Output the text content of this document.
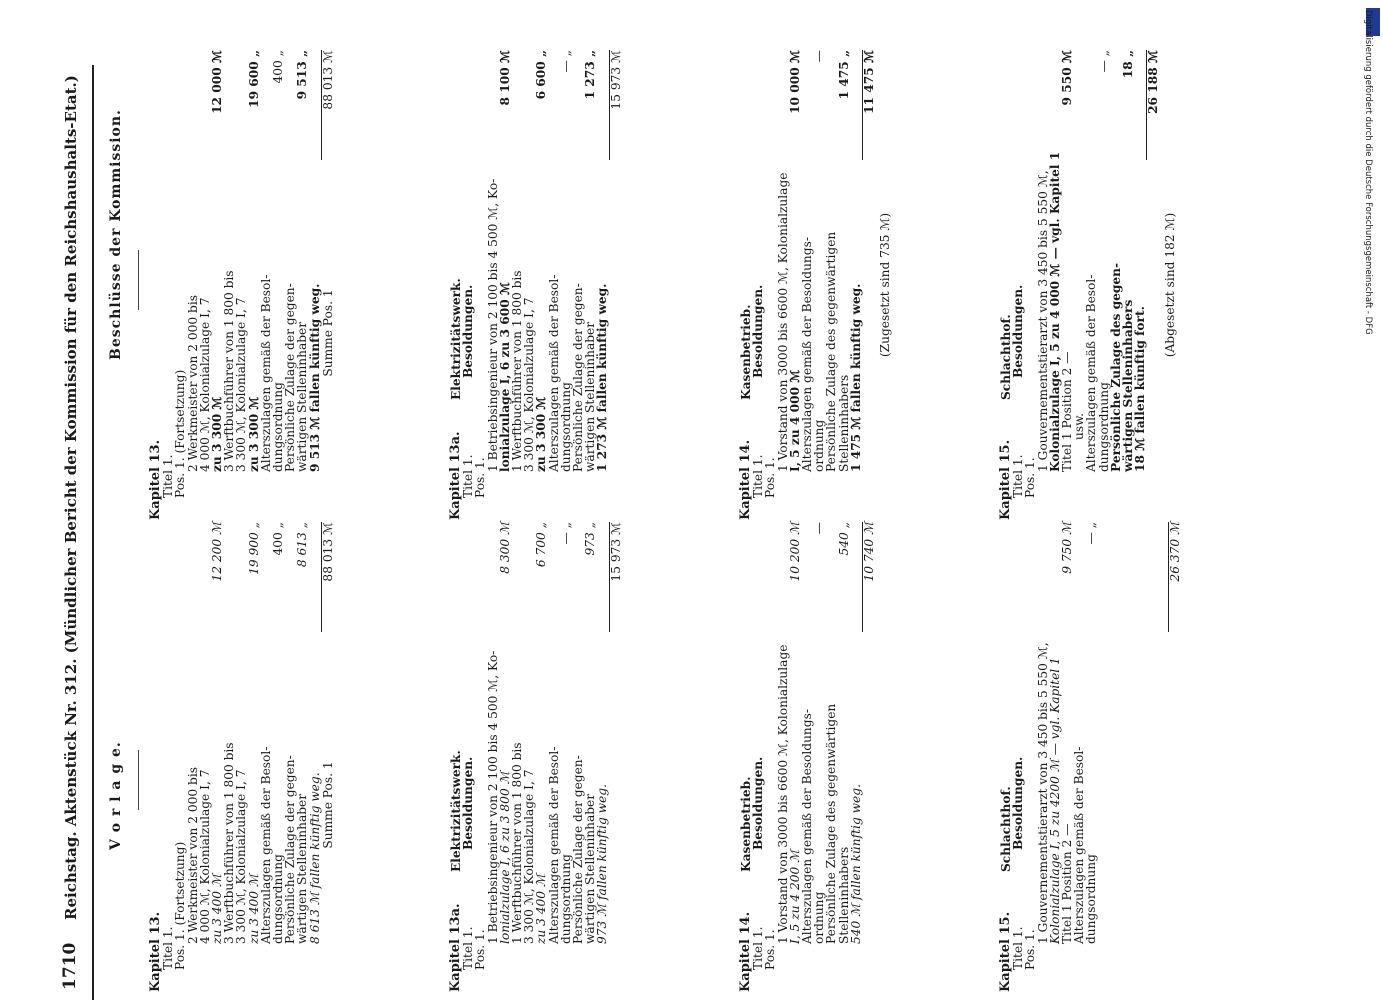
1710
Reichstag. Aktenstück Nr. 312. (Mündlicher Bericht der Kommission für den Reichshaushalts-Etat.) V o r l a g e.
Beschlüsse der Kommission.
Kapitel 13.
Titel 1.
Pos. 1. (Fortsetzung)
2 Werkmeister von 2 000 bis
4 000 ℳ, Kolonialzulage I, 7
zu 3 400 ℳ
12 200 ℳ
3 Werftbuchführer von 1 800 bis
3 300 ℳ, Kolonialzulage I, 7
zu 3 400 ℳ
19 900 „
Alterszulagen gemäß der Besol-
dungsordnung
400 „
Persönliche Zulage der gegen-
wärtigen Stelleninhaber
8 613 „
8 613 ℳ fallen künftig weg. Summe Pos. 1
88 013 ℳ
Kapitel 13a.
Elektrizitätswerk.
Titel 1.
Besoldungen.
Pos. 1.
1 Betriebsingenieur von 2 100 bis 4 500 ℳ, Ko-
lonialzulage I, 6 zu 3 800 ℳ
8 300 ℳ
1 Werftbuchführer von 1 800 bis
3 300 ℳ, Kolonialzulage I, 7
zu 3 400 ℳ
6 700 „
Alterszulagen gemäß der Besol-
dungsordnung
— „
Persönliche Zulage der gegen-
wärtigen Stelleninhaber
973 „
973 ℳ fallen künftig weg.
15 973 ℳ
Kapitel 14.
Kasenbetrieb.
Titel 1.
Besoldungen.
Pos. 1.
1 Vorstand von 3000 bis 6600 ℳ, Kolonialzulage
I, 5 zu 4 200 ℳ
10 200 ℳ
Alterszulagen gemäß der Besoldungs-
ordnung
—
Persönliche Zulage des gegenwärtigen
Stelleninhabers
540 „
540 ℳ fallen künftig weg.
10 740 ℳ
Kapitel 15.
Schlachthof.
Titel 1.
Besoldungen.
Pos. 1.
1 Gouvernementstierarzt von 3 450 bis 5 550 ℳ,
Kolonialzulage I, 5 zu 4200 ℳ — vgl. Kapitel 1
Titel 1 Position 2 —
9 750 ℳ
Alterszulagen gemäß der Besol-
dungsordnung
— „	26 370 ℳ
Kapitel 13.
Titel 1.
Pos. 1. (Fortsetzung)
2 Werkmeister von 2 000 bis
4 000 ℳ, Kolonialzulage I, 7
zu 3 300 ℳ
12 000 ℳ
3 Werftbuchführer von 1 800 bis
3 300 ℳ, Kolonialzulage I, 7
zu 3 300 ℳ
19 600 „
Alterszulagen gemäß der Besol-
dungsordnung
400 „
Persönliche Zulage der gegen-
wärtigen Stelleninhaber
9 513 „
9 513 ℳ fallen künftig weg. Summe Pos. 1
88 013 ℳ
Kapitel 13a.
Elektrizitätswerk.
Titel 1.
Besoldungen.
Pos. 1.
1 Betriebsingenieur von 2 100 bis 4 500 ℳ, Ko-
lonialzulage I, 6 zu 3 600 ℳ
8 100 ℳ
1 Werftbuchführer von 1 800 bis
3 300 ℳ, Kolonialzulage I, 7
zu 3 300 ℳ
6 600 „
Alterszulagen gemäß der Besol-
dungsordnung
— „
Persönliche Zulage der gegen-
wärtigen Stelleninhaber
1 273 „
1 273 ℳ fallen künftig weg.
15 973 ℳ
Kapitel 14.
Kasenbetrieb.
Titel 1.
Besoldungen.
Pos. 1.
1 Vorstand von 3000 bis 6600 ℳ, Kolonialzulage
I, 5 zu 4 000 ℳ
10 000 ℳ
Alterszulagen gemäß der Besoldungs-
ordnung
—
Persönliche Zulage des gegenwärtigen
Stelleninhabers
1 475 „
1 475 ℳ fallen künftig weg.
11 475 ℳ
(Zugesetzt sind 735 ℳ)
Kapitel 15.
Schlachthof.
Titel 1.
Besoldungen.
Pos. 1.
1 Gouvernementstierarzt von 3 450 bis 5 550 ℳ,
Kolonialzulage I, 5 zu 4 000 ℳ — vgl. Kapitel 1
Titel 1 Position 2 —
9 550 ℳ
usw.
Alterszulagen gemäß der Besol-
dungsordnung
— „
Persönliche Zulage des gegen-
wärtigen Stelleninhabers
18 „
18 ℳ fallen künftig fort.
26 188 ℳ
(Abgesetzt sind 182 ℳ)	Digitalisierung gefördert durch die Deutsche Forschungsgemeinschaft - DFG
